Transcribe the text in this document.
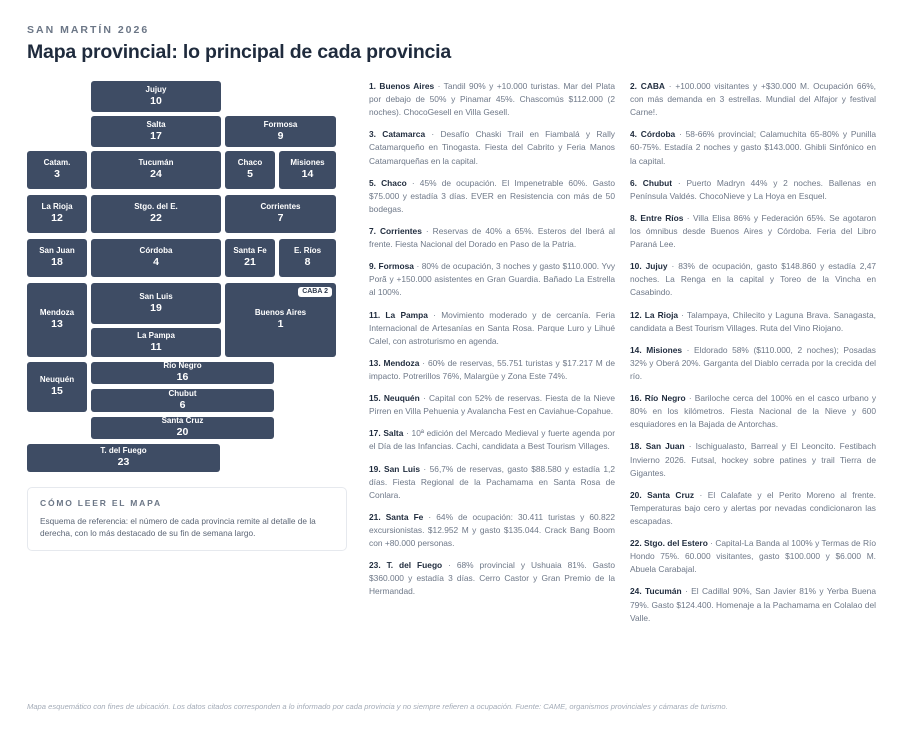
SAN MARTÍN 2026
Mapa provincial: lo principal de cada provincia
Jujuy
10
Salta
17
Formosa
9
Catam.
3
Tucumán
24
Chaco
5
Misiones
14
La Rioja
12
Stgo. del E.
22
Corrientes
7
San Juan
18
Córdoba
4
Santa Fe
21
E. Ríos
8
Mendoza
13
San Luis
19
CABA 2
Buenos Aires
1
La Pampa
11
Neuquén
15
Río Negro
16
Chubut
6
Santa Cruz
20
T. del Fuego
23
CÓMO LEER EL MAPA
Esquema de referencia: el número de cada provincia remite al detalle de la derecha, con lo más destacado de su fin de semana largo.
1. Buenos Aires · Tandil 90% y +10.000 turistas. Mar del Plata por debajo de 50% y Pinamar 45%. Chascomús $112.000 (2 noches). ChocoGesell en Villa Gesell.
3. Catamarca · Desafío Chaski Trail en Fiambalá y Rally Catamarqueño en Tinogasta. Fiesta del Cabrito y Feria Manos Catamarqueñas en la capital.
5. Chaco · 45% de ocupación. El Impenetrable 60%. Gasto $75.000 y estadía 3 días. EVER en Resistencia con más de 50 bodegas.
7. Corrientes · Reservas de 40% a 65%. Esteros del Iberá al frente. Fiesta Nacional del Dorado en Paso de la Patria.
9. Formosa · 80% de ocupación, 3 noches y gasto $110.000. Yvy Porã y +150.000 asistentes en Gran Guardia. Bañado La Estrella al 100%.
11. La Pampa · Movimiento moderado y de cercanía. Feria Internacional de Artesanías en Santa Rosa. Parque Luro y Lihué Calel, con astroturismo en agenda.
13. Mendoza · 60% de reservas, 55.751 turistas y $17.217 M de impacto. Potrerillos 76%, Malargüe y Zona Este 74%.
15. Neuquén · Capital con 52% de reservas. Fiesta de la Nieve Pirren en Villa Pehuenia y Avalancha Fest en Caviahue-Copahue.
17. Salta · 10ª edición del Mercado Medieval y fuerte agenda por el Día de las Infancias. Cachi, candidata a Best Tourism Villages.
19. San Luis · 56,7% de reservas, gasto $88.580 y estadía 1,2 días. Fiesta Regional de la Pachamama en Santa Rosa de Conlara.
21. Santa Fe · 64% de ocupación: 30.411 turistas y 60.822 excursionistas. $12.952 M y gasto $135.044. Crack Bang Boom con +80.000 personas.
23. T. del Fuego · 68% provincial y Ushuaia 81%. Gasto $360.000 y estadía 3 días. Cerro Castor y Gran Premio de la Hermandad.
2. CABA · +100.000 visitantes y +$30.000 M. Ocupación 66%, con más demanda en 3 estrellas. Mundial del Alfajor y festival Carne!.
4. Córdoba · 58-66% provincial; Calamuchita 65-80% y Punilla 60-75%. Estadía 2 noches y gasto $143.000. Ghibli Sinfónico en la capital.
6. Chubut · Puerto Madryn 44% y 2 noches. Ballenas en Península Valdés. ChocoNieve y La Hoya en Esquel.
8. Entre Ríos · Villa Elisa 86% y Federación 65%. Se agotaron los ómnibus desde Buenos Aires y Córdoba. Feria del Libro Paraná Lee.
10. Jujuy · 83% de ocupación, gasto $148.860 y estadía 2,47 noches. La Renga en la capital y Toreo de la Vincha en Casabindo.
12. La Rioja · Talampaya, Chilecito y Laguna Brava. Sanagasta, candidata a Best Tourism Villages. Ruta del Vino Riojano.
14. Misiones · Eldorado 58% ($110.000, 2 noches); Posadas 32% y Oberá 20%. Garganta del Diablo cerrada por la crecida del río.
16. Río Negro · Bariloche cerca del 100% en el casco urbano y 80% en los kilómetros. Fiesta Nacional de la Nieve y 600 esquiadores en la Bajada de Antorchas.
18. San Juan · Ischigualasto, Barreal y El Leoncito. Festibach Invierno 2026. Futsal, hockey sobre patines y trail Tierra de Gigantes.
20. Santa Cruz · El Calafate y el Perito Moreno al frente. Temperaturas bajo cero y alertas por nevadas condicionaron las escapadas.
22. Stgo. del Estero · Capital-La Banda al 100% y Termas de Río Hondo 75%. 60.000 visitantes, gasto $100.000 y $6.000 M. Abuela Carabajal.
24. Tucumán · El Cadillal 90%, San Javier 81% y Yerba Buena 79%. Gasto $124.400. Homenaje a la Pachamama en Colalao del Valle.
Mapa esquemático con fines de ubicación. Los datos citados corresponden a lo informado por cada provincia y no siempre refieren a ocupación. Fuente: CAME, organismos provinciales y cámaras de turismo.
